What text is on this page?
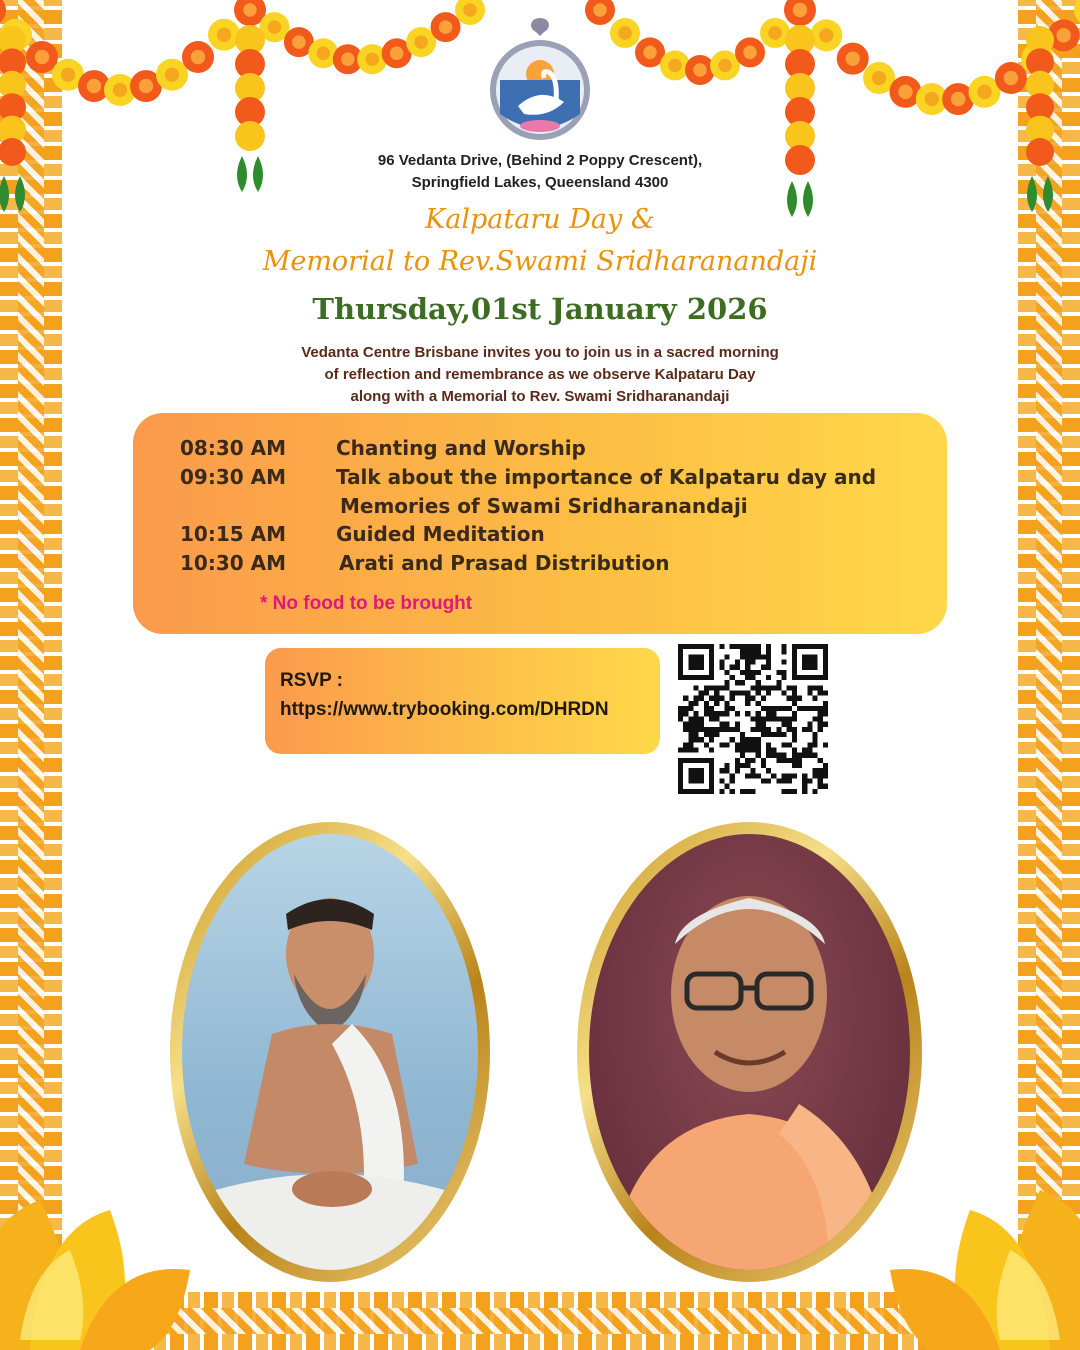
96 Vedanta Drive, (Behind 2 Poppy Crescent),
Springfield Lakes, Queensland 4300
Kalpataru Day &
Memorial to Rev.Swami Sridharanandaji
Thursday,01st January 2026
Vedanta Centre Brisbane invites you to join us in a sacred morning
of reflection and remembrance as we observe Kalpataru Day
along with a Memorial to Rev. Swami Sridharanandaji
08:30 AM	Chanting and Worship
09:30 AM	Talk about the importance of Kalpataru day and
Memories of Swami Sridharanandaji
10:15 AM	Guided Meditation
10:30 AM	Arati and Prasad Distribution
* No food to be brought
RSVP :
https://www.trybooking.com/DHRDN
